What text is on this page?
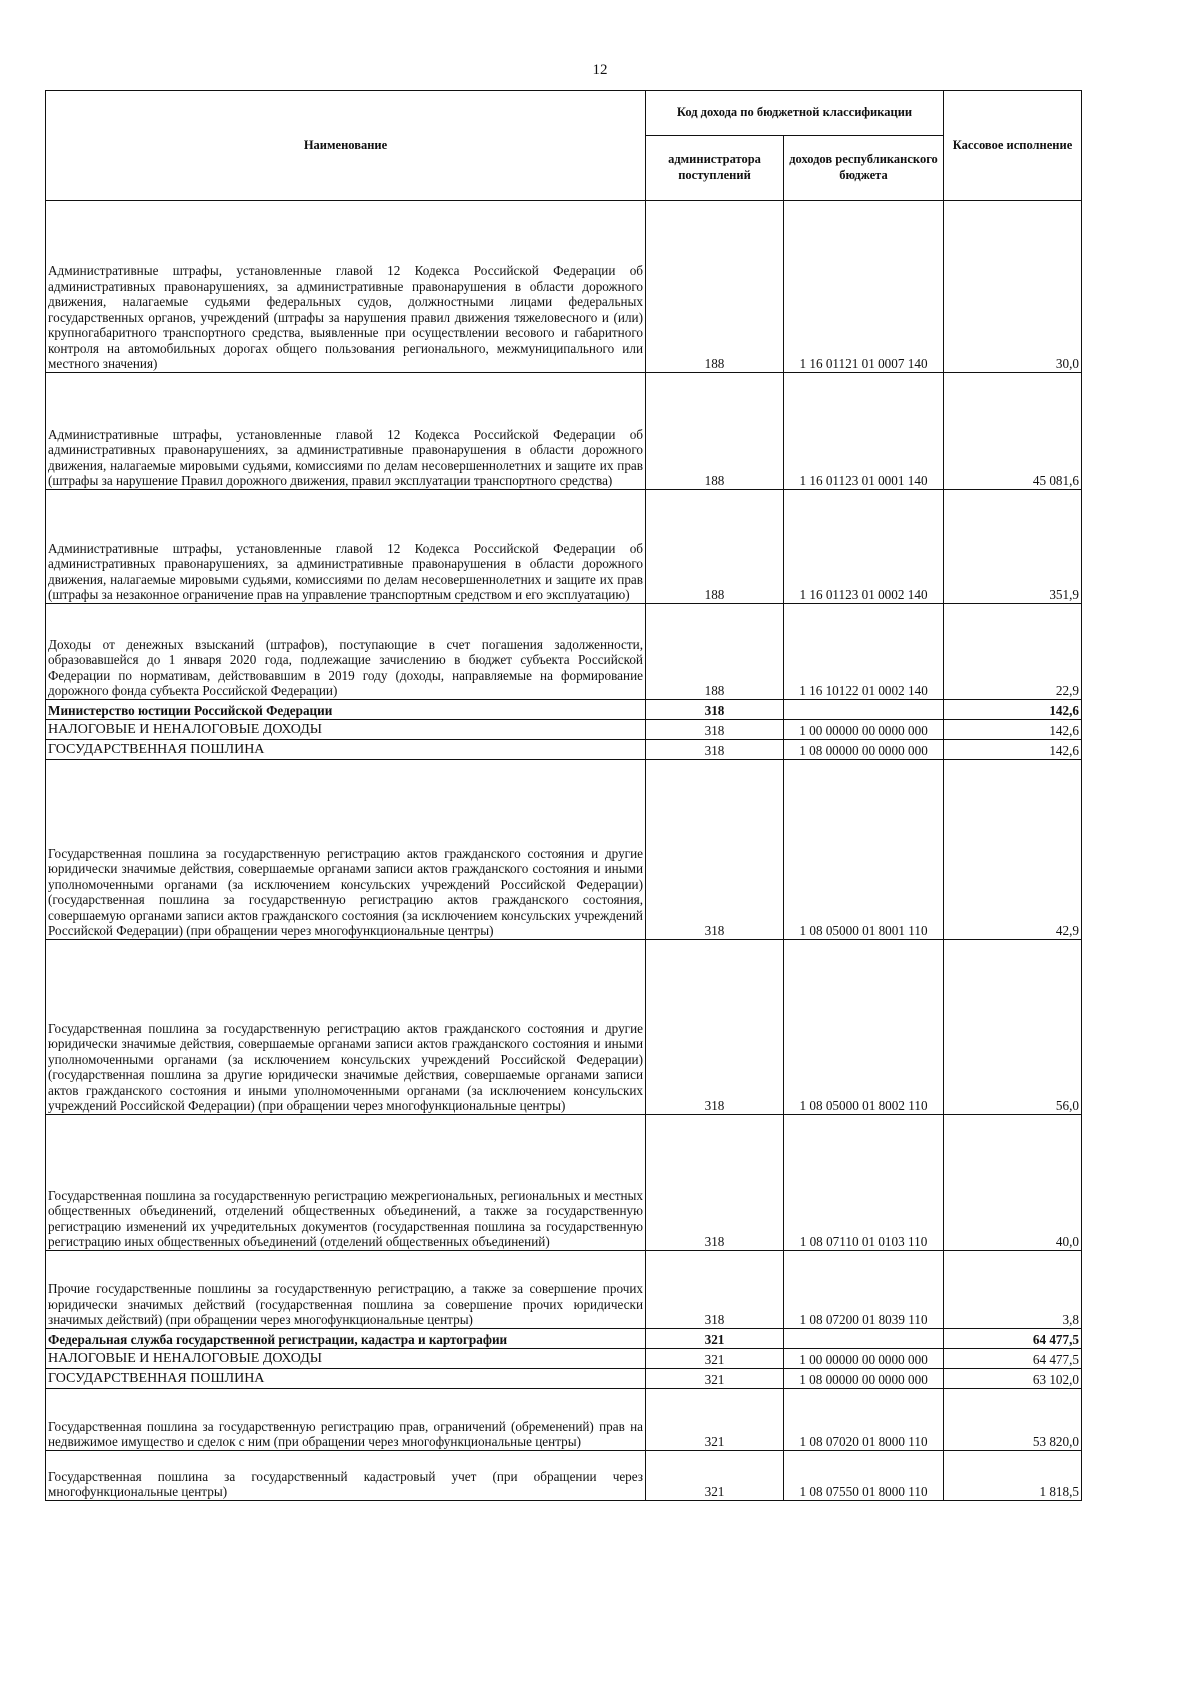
12
Наименование	Код дохода по бюджетной классификации		Кассовое исполнение
	администратора поступлений	доходов республиканского бюджета	
Административные штрафы, установленные главой 12 Кодекса Российской Федерации об административных правонарушениях, за административные правонарушения в области дорожного движения, налагаемые судьями федеральных судов, должностными лицами федеральных государственных органов, учреждений (штрафы за нарушения правил движения тяжеловесного и (или) крупногабаритного транспортного средства, выявленные при осуществлении весового и габаритного контроля на автомобильных дорогах общего пользования регионального, межмуниципального или местного значения)	188	1 16 01121 01 0007 140	30,0
Административные штрафы, установленные главой 12 Кодекса Российской Федерации об административных правонарушениях, за административные правонарушения в области дорожного движения, налагаемые мировыми судьями, комиссиями по делам несовершеннолетних и защите их прав (штрафы за нарушение Правил дорожного движения, правил эксплуатации транспортного средства)	188	1 16 01123 01 0001 140	45 081,6
Административные штрафы, установленные главой 12 Кодекса Российской Федерации об административных правонарушениях, за административные правонарушения в области дорожного движения, налагаемые мировыми судьями, комиссиями по делам несовершеннолетних и защите их прав (штрафы за незаконное ограничение прав на управление транспортным средством и его эксплуатацию)	188	1 16 01123 01 0002 140	351,9
Доходы от денежных взысканий (штрафов), поступающие в счет погашения задолженности, образовавшейся до 1 января 2020 года, подлежащие зачислению в бюджет субъекта Российской Федерации по нормативам, действовавшим в 2019 году (доходы, направляемые на формирование дорожного фонда субъекта Российской Федерации)	188	1 16 10122 01 0002 140	22,9
Министерство юстиции Российской Федерации	318		142,6
НАЛОГОВЫЕ И НЕНАЛОГОВЫЕ ДОХОДЫ	318	1 00 00000 00 0000 000	142,6
ГОСУДАРСТВЕННАЯ ПОШЛИНА	318	1 08 00000 00 0000 000	142,6
Государственная пошлина за государственную регистрацию актов гражданского состояния и другие юридически значимые действия, совершаемые органами записи актов гражданского состояния и иными уполномоченными органами (за исключением консульских учреждений Российской Федерации) (государственная пошлина за государственную регистрацию актов гражданского состояния, совершаемую органами записи актов гражданского состояния (за исключением консульских учреждений Российской Федерации) (при обращении через многофункциональные центры)	318	1 08 05000 01 8001 110	42,9
Государственная пошлина за государственную регистрацию актов гражданского состояния и другие юридически значимые действия, совершаемые органами записи актов гражданского состояния и иными уполномоченными органами (за исключением консульских учреждений Российской Федерации) (государственная пошлина за другие юридически значимые действия, совершаемые органами записи актов гражданского состояния и иными уполномоченными органами (за исключением консульских учреждений Российской Федерации) (при обращении через многофункциональные центры)	318	1 08 05000 01 8002 110	56,0
Государственная пошлина за государственную регистрацию межрегиональных, региональных и местных общественных объединений, отделений общественных объединений, а также за государственную регистрацию изменений их учредительных документов (государственная пошлина за государственную регистрацию иных общественных объединений (отделений общественных объединений)	318	1 08 07110 01 0103 110	40,0
Прочие государственные пошлины за государственную регистрацию, а также за совершение прочих юридически значимых действий (государственная пошлина за совершение прочих юридически значимых действий) (при обращении через многофункциональные центры)	318	1 08 07200 01 8039 110	3,8
Федеральная служба государственной регистрации, кадастра и картографии	321		64 477,5
НАЛОГОВЫЕ И НЕНАЛОГОВЫЕ ДОХОДЫ	321	1 00 00000 00 0000 000	64 477,5
ГОСУДАРСТВЕННАЯ ПОШЛИНА	321	1 08 00000 00 0000 000	63 102,0
Государственная пошлина за государственную регистрацию прав, ограничений (обременений) прав на недвижимое имущество и сделок с ним (при обращении через многофункциональные центры)	321	1 08 07020 01 8000 110	53 820,0
Государственная пошлина за государственный кадастровый учет (при обращении через многофункциональные центры)	321	1 08 07550 01 8000 110	1 818,5
